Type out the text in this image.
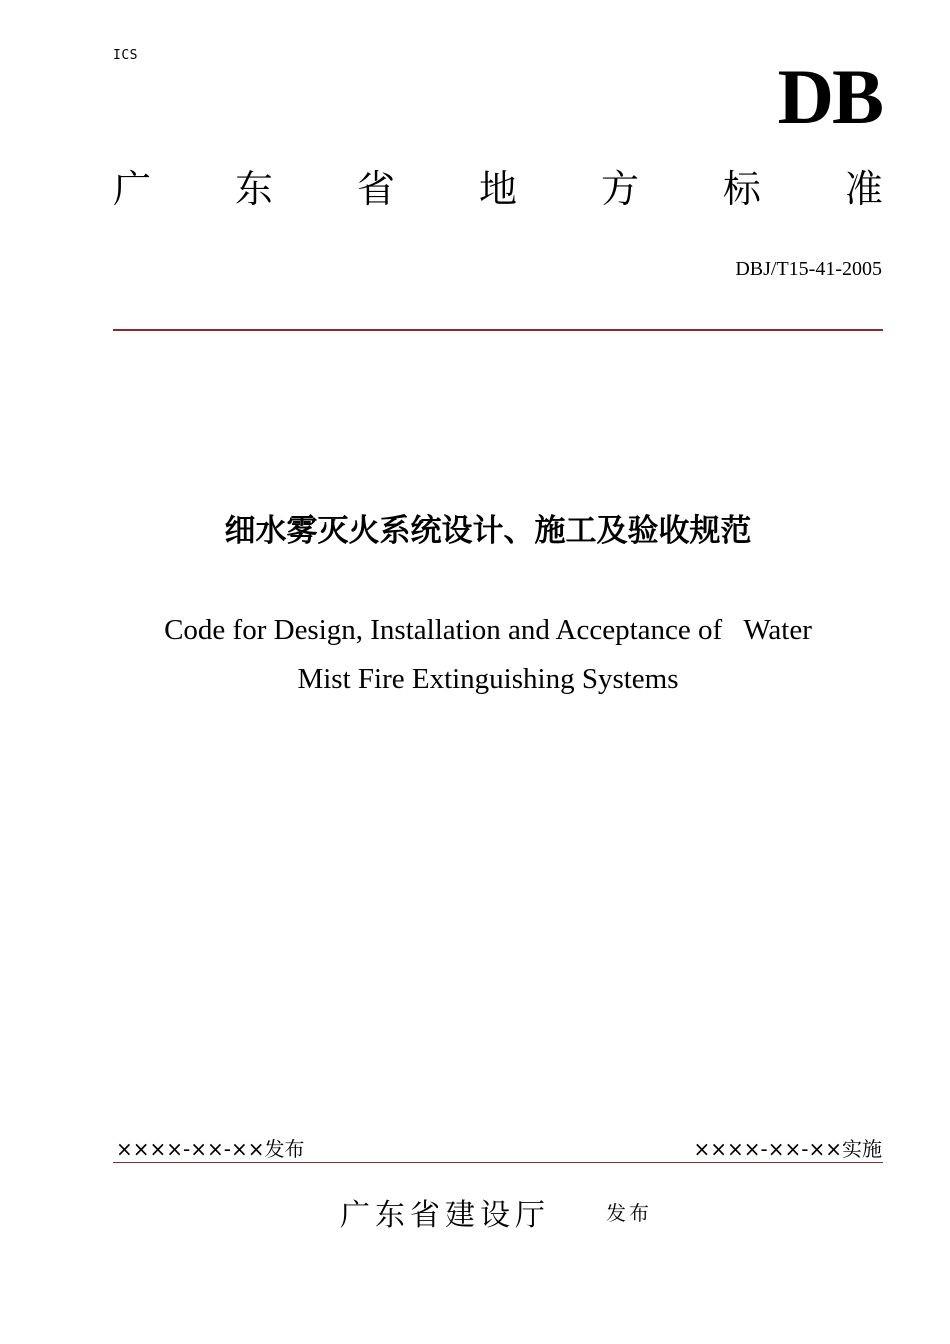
ICS	DB
广 东 省 地 方 标 准
DBJ/T15-41-2005
细水雾灭火系统设计、施工及验收规范
Code for Design, Installation and Acceptance of   Water
Mist Fire Extinguishing Systems
××××-××-××发布	××××-××-××实施
广东省建设厅	发布
